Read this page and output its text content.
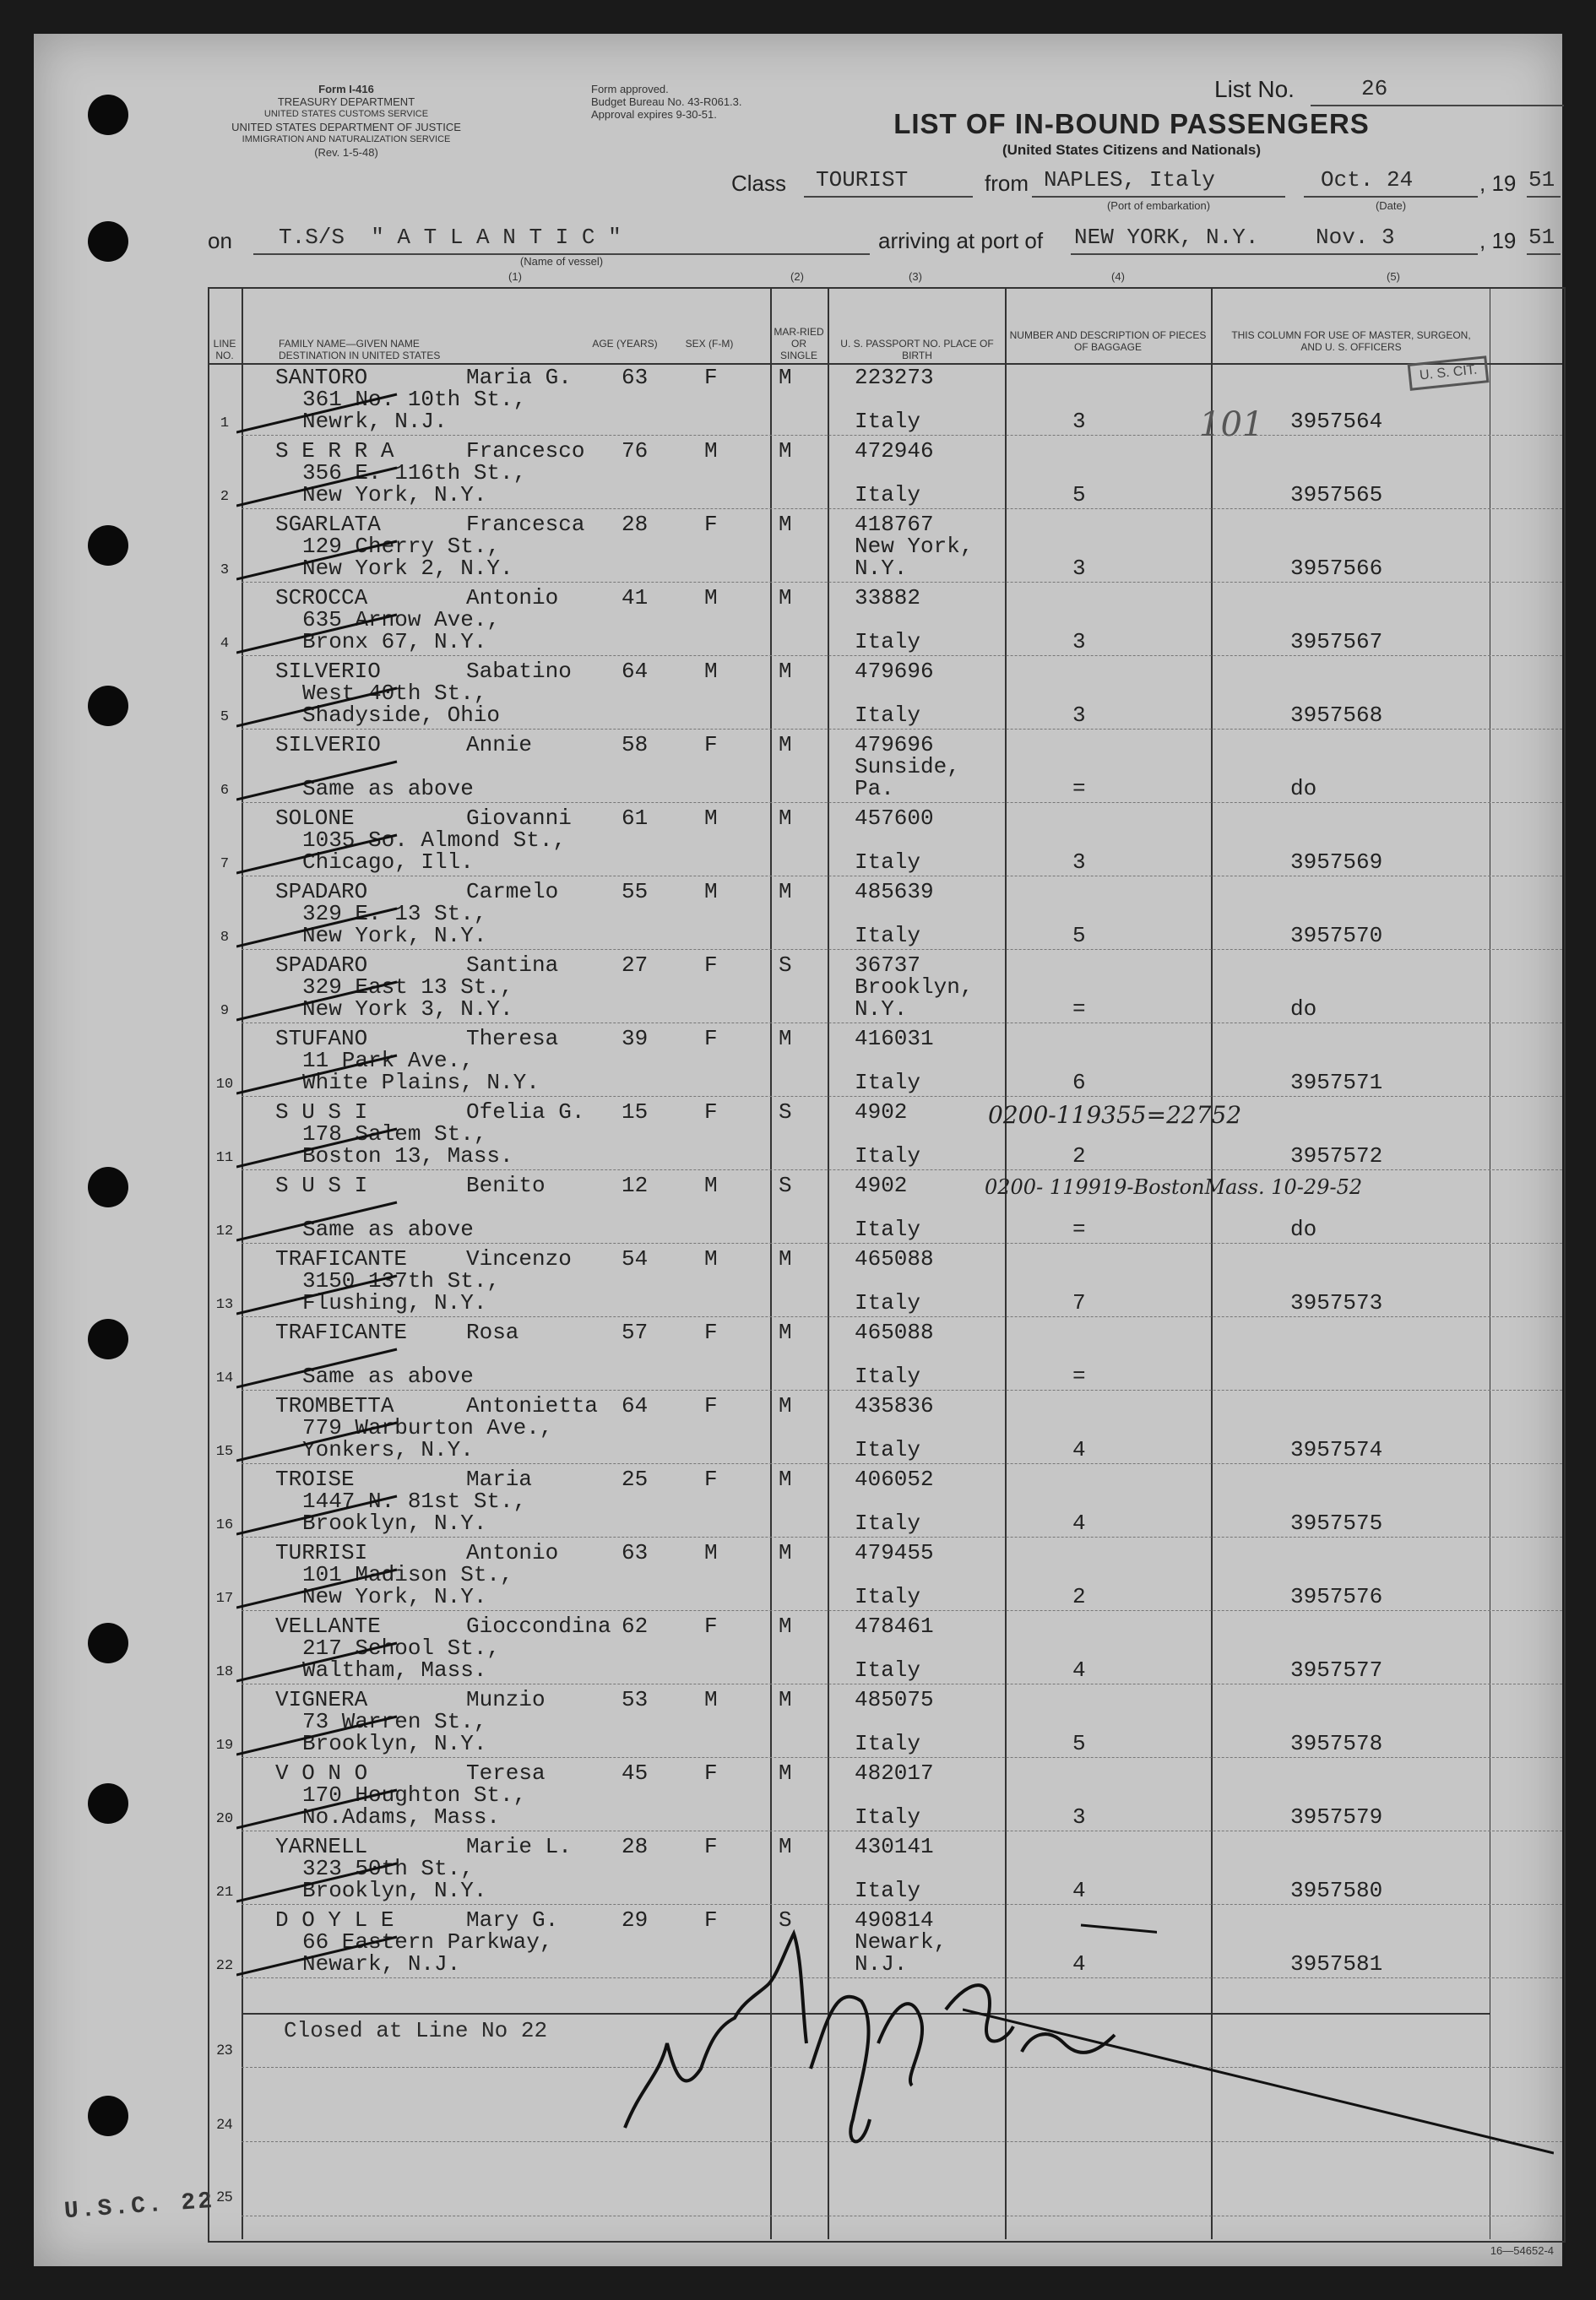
Form I-416
TREASURY DEPARTMENT
UNITED STATES CUSTOMS SERVICE
UNITED STATES DEPARTMENT OF JUSTICE
IMMIGRATION AND NATURALIZATION SERVICE
(Rev. 1-5-48)
Form approved.
Budget Bureau No. 43-R061.3.
Approval expires 9-30-51.
List No.	26
LIST OF IN-BOUND PASSENGERS
(United States Citizens and Nationals)
Class TOURIST	from NAPLES, Italy
(Port of embarkation)
Oct. 24
(Date)
, 19 51
on T.S/S  " A T L A N T I C "
(Name of vessel)
arriving at port of NEW YORK, N.Y.	Nov. 3	, 19 51
(1)	(2)	(3)	(4)	(5)
LINE NO.
FAMILY NAME—GIVEN NAME
DESTINATION IN UNITED STATES
AGE (YEARS)	SEX (F-M)
MAR-RIED OR SINGLE
U. S. PASSPORT NO. PLACE OF BIRTH
NUMBER AND DESCRIPTION OF PIECES OF BAGGAGE
THIS COLUMN FOR USE OF MASTER, SURGEON, AND U. S. OFFICERS
U. S. CIT.
1
SANTORO	Maria G.
361 No. 10th St.,
Newrk, N.J.
63	F	M	223273
Italy	3	3957564
2
S E R R A	Francesco
356 E. 116th St.,
New York, N.Y.
76	M	M	472946
Italy	5	3957565
3
SGARLATA	Francesca
129 Cherry St.,
New York 2, N.Y.
28	F	M	418767
New York,
N.Y.	3	3957566
4
SCROCCA	Antonio
635 Arnow Ave.,
Bronx 67, N.Y.
41	M	M	33882
Italy	3	3957567
5
SILVERIO	Sabatino
West 40th St.,
Shadyside, Ohio
64	M	M	479696
Italy	3	3957568
6
SILVERIO	Annie
Same as above
58	F	M	479696
Sunside,
Pa.	=	do
7
SOLONE	Giovanni
1035 So. Almond St.,
Chicago, Ill.
61	M	M	457600
Italy	3	3957569
8
SPADARO	Carmelo
329 E. 13 St.,
New York, N.Y.
55	M	M	485639
Italy	5	3957570
9
SPADARO	Santina
329 East 13 St.,
New York 3, N.Y.
27	F	S	36737
Brooklyn,
N.Y.	=	do
10
STUFANO	Theresa
11 Park Ave.,
White Plains, N.Y.
39	F	M	416031
Italy	6	3957571
11
S U S I	Ofelia G.
178 Salem St.,
Boston 13, Mass.
15	F	S	4902
Italy	2	3957572
12
S U S I	Benito
Same as above
12	M	S	4902
Italy	=	do
13
TRAFICANTE	Vincenzo
3150 137th St.,
Flushing, N.Y.
54	M	M	465088
Italy	7	3957573
14
TRAFICANTE	Rosa
Same as above
57	F	M	465088
Italy	=
15
TROMBETTA	Antonietta
779 Warburton Ave.,
Yonkers, N.Y.
64	F	M	435836
Italy	4	3957574
16
TROISE	Maria
1447 N. 81st St.,
Brooklyn, N.Y.
25	F	M	406052
Italy	4	3957575
17
TURRISI	Antonio
101 Madison St.,
New York, N.Y.
63	M	M	479455
Italy	2	3957576
18
VELLANTE	Gioccondina
217 School St.,
Waltham, Mass.
62	F	M	478461
Italy	4	3957577
19
VIGNERA	Munzio
73 Warren St.,
Brooklyn, N.Y.
53	M	M	485075
Italy	5	3957578
20
V O N O	Teresa
170 Houghton St.,
No.Adams, Mass.
45	F	M	482017
Italy	3	3957579
21
YARNELL	Marie L.
323 50th St.,
Brooklyn, N.Y.
28	F	M	430141
Italy	4	3957580
22
D O Y L E	Mary G.
66 Eastern Parkway,
Newark, N.J.
29	F	S	490814
Newark,
N.J.	4	3957581
23
24
25
Closed at Line No 22
101
0200-119355=22752
0200- 119919-BostonMass. 10-29-52
U.S.C. 22
16—54652-4
